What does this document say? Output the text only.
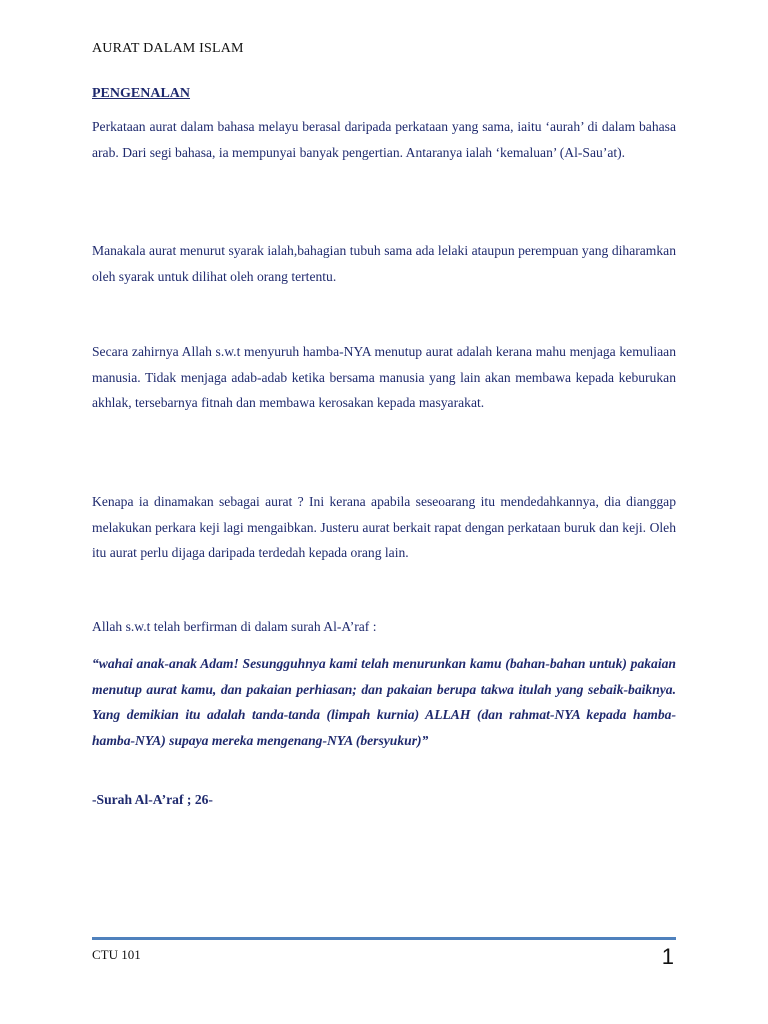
AURAT DALAM ISLAM
PENGENALAN

Perkataan aurat dalam bahasa melayu berasal daripada perkataan yang sama, iaitu ‘aurah’ di dalam bahasa arab. Dari segi bahasa, ia mempunyai banyak pengertian. Antaranya ialah ‘kemaluan’ (Al-Sau’at).

Manakala aurat menurut syarak ialah,bahagian tubuh sama ada lelaki ataupun perempuan yang diharamkan oleh syarak untuk dilihat oleh orang tertentu.

Secara zahirnya Allah s.w.t menyuruh hamba-NYA menutup aurat adalah kerana mahu menjaga kemuliaan manusia. Tidak menjaga adab-adab ketika bersama manusia yang lain akan membawa kepada keburukan akhlak, tersebarnya fitnah dan membawa kerosakan kepada masyarakat.

Kenapa ia dinamakan sebagai aurat ? Ini kerana apabila seseoarang itu mendedahkannya, dia dianggap melakukan perkara keji lagi mengaibkan. Justeru aurat berkait rapat dengan perkataan buruk dan keji. Oleh itu aurat perlu dijaga daripada terdedah kepada orang lain.

Allah s.w.t telah berfirman di dalam surah Al-A’raf :

“wahai anak-anak Adam! Sesungguhnya kami telah menurunkan kamu (bahan-bahan untuk) pakaian menutup aurat kamu, dan pakaian perhiasan; dan pakaian berupa takwa itulah yang sebaik-baiknya. Yang demikian itu adalah tanda-tanda (limpah kurnia) ALLAH (dan rahmat-NYA kepada hamba-hamba-NYA) supaya mereka mengenang-NYA (bersyukur)”

-Surah Al-A’raf ; 26-
CTU 101	1
